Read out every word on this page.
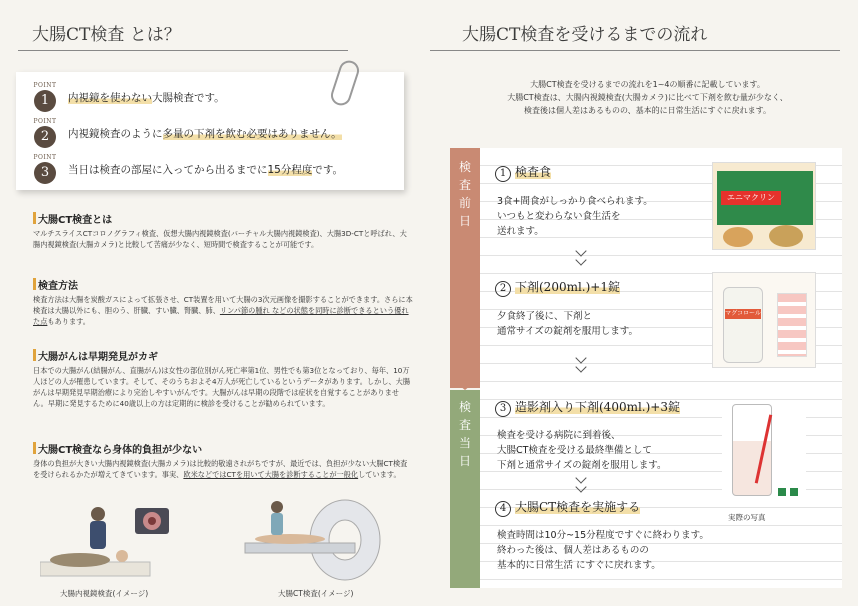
大腸CT検査 とは？
POINT
1	内視鏡を使わない大腸検査です。
POINT
2	内視鏡検査のように多量の下剤を飲む必要はありません。
POINT
3	当日は検査の部屋に入ってから出るまでに15分程度です。
大腸CT検査とは
マルチスライスCTコロノグラフィ検査、仮想大腸内視鏡検査(バーチャル大腸内視鏡検査)、大腸3D-CTと呼ばれ、大腸内視鏡検査(大腸カメラ)と比較して苦痛が少なく、短時間で検査することが可能です。
検査方法
検査方法は大腸を炭酸ガスによって拡張させ、CT装置を用いて大腸の3次元画像を撮影することができます。さらに本検査は大腸以外にも、胆のう、肝臓、すい臓、腎臓、肺、リンパ節の腫れ などの状態を同時に診断できるという優れた点もあります。
大腸がんは早期発見がカギ
日本での大腸がん(結腸がん、直腸がん)は女性の部位別がん死亡率第1位、男性でも第3位となっており、毎年、10万人ほどの人が罹患しています。そして、そのうちおよそ4万人が死亡しているというデータがあります。しかし、大腸がんは早期発見早期治療により完治しやすいがんです。大腸がんは早期の段階では症状を自覚することがありません。早期に発見するために40歳以上の方は定期的に検診を受けることが勧められています。
大腸CT検査なら身体的負担が少ない
身体の負担が大きい大腸内視鏡検査(大腸カメラ)は比較的敬遠されがちですが、最近では、負担が少ない大腸CT検査を受けられるかたが増えてきています。事実、欧米などではCTを用いて大腸を診断することが一般化しています。
大腸内視鏡検査(イメージ)	大腸CT検査(イメージ)
大腸CT検査を受けるまでの流れ
大腸CT検査を受けるまでの流れを1~4の順番に記載しています。
大腸CT検査は、大腸内視鏡検査(大腸カメラ)に比べて下剤を飲む量が少なく、
検査後は個人差はあるものの、基本的に日常生活にすぐに戻れます。
検
査
前
日
検
査
当
日
1 検査食
3食+間食がしっかり食べられます。
いつもと変わらない食生活を
送れます。
エニマクリン
2 下剤(200ml.)+1錠
夕食終了後に、下剤と
通常サイズの錠剤を服用します。
マグコロール
3 造影剤入り下剤(400ml.)+3錠
検査を受ける病院に到着後、
大腸CT検査を受ける最終準備として
下剤と通常サイズの錠剤を服用します。
実際の写真
4 大腸CT検査を実施する
検査時間は10分~15分程度ですぐに終わります。
終わった後は、個人差はあるものの
基本的に日常生活 にすぐに戻れます。
